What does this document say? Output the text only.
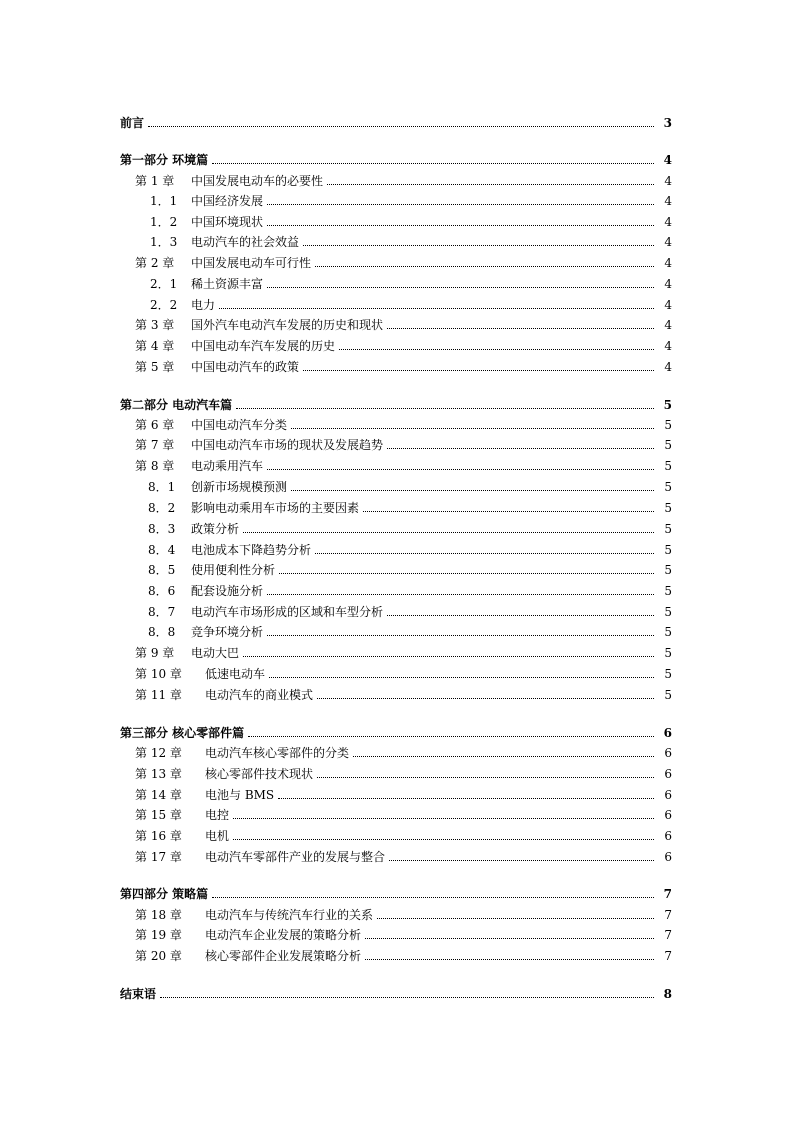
前言	3
第一部分 环境篇	4
第 1 章 中国发展电动车的必要性	4
1．1 中国经济发展	4
1．2 中国环境现状	4
1．3 电动汽车的社会效益	4
第 2 章 中国发展电动车可行性	4
2．1 稀土资源丰富	4
2．2 电力	4
第 3 章 国外汽车电动汽车发展的历史和现状	4
第 4 章 中国电动车汽车发展的历史	4
第 5 章 中国电动汽车的政策	4
第二部分 电动汽车篇	5
第 6 章 中国电动汽车分类	5
第 7 章 中国电动汽车市场的现状及发展趋势	5
第 8 章 电动乘用汽车	5
8．1 创新市场规模预测	5
8．2 影响电动乘用车市场的主要因素	5
8．3 政策分析	5
8．4 电池成本下降趋势分析	5
8．5 使用便利性分析	5
8．6 配套设施分析	5
8．7 电动汽车市场形成的区域和车型分析	5
8．8 竞争环境分析	5
第 9 章 电动大巴	5
第 10 章 低速电动车	5
第 11 章 电动汽车的商业模式	5
第三部分 核心零部件篇	6
第 12 章 电动汽车核心零部件的分类	6
第 13 章 核心零部件技术现状	6
第 14 章 电池与 BMS	6
第 15 章 电控	6
第 16 章 电机	6
第 17 章 电动汽车零部件产业的发展与整合	6
第四部分 策略篇	7
第 18 章 电动汽车与传统汽车行业的关系	7
第 19 章 电动汽车企业发展的策略分析	7
第 20 章 核心零部件企业发展策略分析	7
结束语	8
